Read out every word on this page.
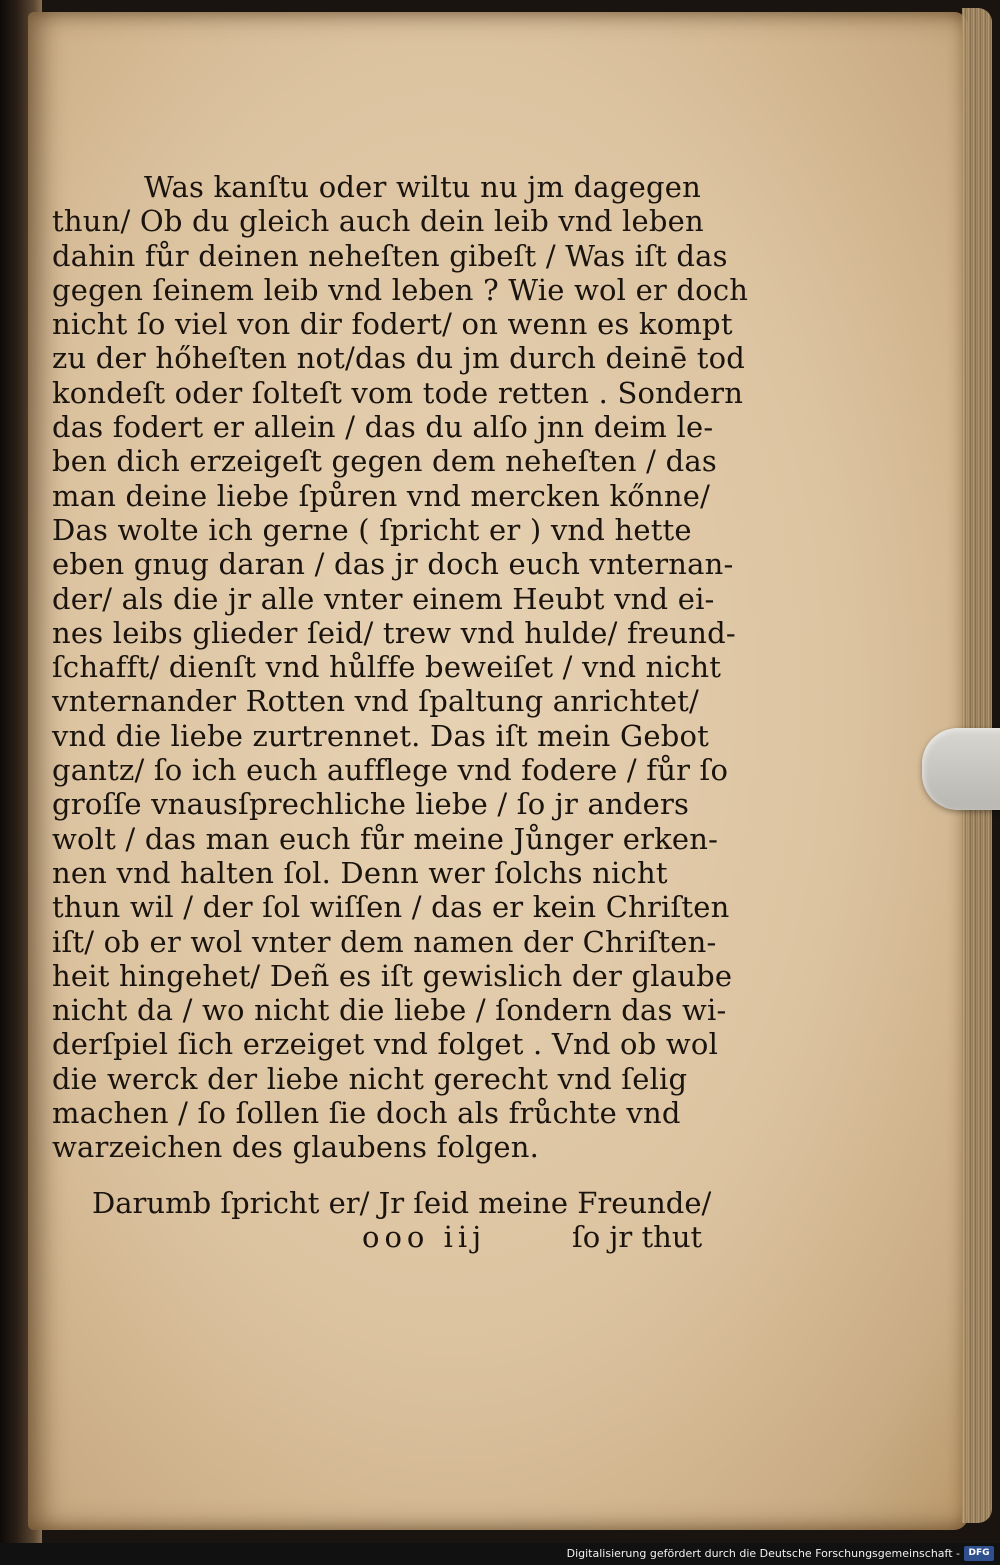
Was kanſtu oder wiltu nu jm dagegen
thun/ Ob du gleich auch dein leib vnd leben
dahin fůr deinen neheſten gibeſt / Was iſt das
gegen ſeinem leib vnd leben ? Wie wol er doch
nicht ſo viel von dir fodert/ on wenn es kompt
zu der hőheſten not/das du jm durch deinē tod
kondeſt oder ſolteſt vom tode retten . Sondern
das fodert er allein / das du alſo jnn deim le-
ben dich erzeigeſt gegen dem neheſten / das
man deine liebe ſpůren vnd mercken kőnne/
Das wolte ich gerne ( ſpricht er ) vnd hette
eben gnug daran / das jr doch euch vnternan-
der/ als die jr alle vnter einem Heubt vnd ei-
nes leibs glieder ſeid/ trew vnd hulde/ freund-
ſchafft/ dienſt vnd hůlffe beweiſet / vnd nicht
vnternander Rotten vnd ſpaltung anrichtet/
vnd die liebe zurtrennet. Das iſt mein Gebot
gantz/ ſo ich euch aufflege vnd fodere / fůr ſo
groſſe vnausſprechliche liebe / ſo jr anders
wolt / das man euch fůr meine Jůnger erken-
nen vnd halten ſol. Denn wer ſolchs nicht
thun wil / der ſol wiſſen / das er kein Chriſten
iſt/ ob er wol vnter dem namen der Chriſten-
heit hingehet/ Deñ es iſt gewislich der glaube
nicht da / wo nicht die liebe / ſondern das wi-
derſpiel ſich erzeiget vnd folget . Vnd ob wol
die werck der liebe nicht gerecht vnd ſelig
machen / ſo ſollen ſie doch als frůchte vnd
warzeichen des glaubens folgen.
Darumb ſpricht er/ Jr ſeid meine Freunde/
ooo iij	ſo jr thut
Digitalisierung gefördert durch die Deutsche Forschungsgemeinschaft - DFG
